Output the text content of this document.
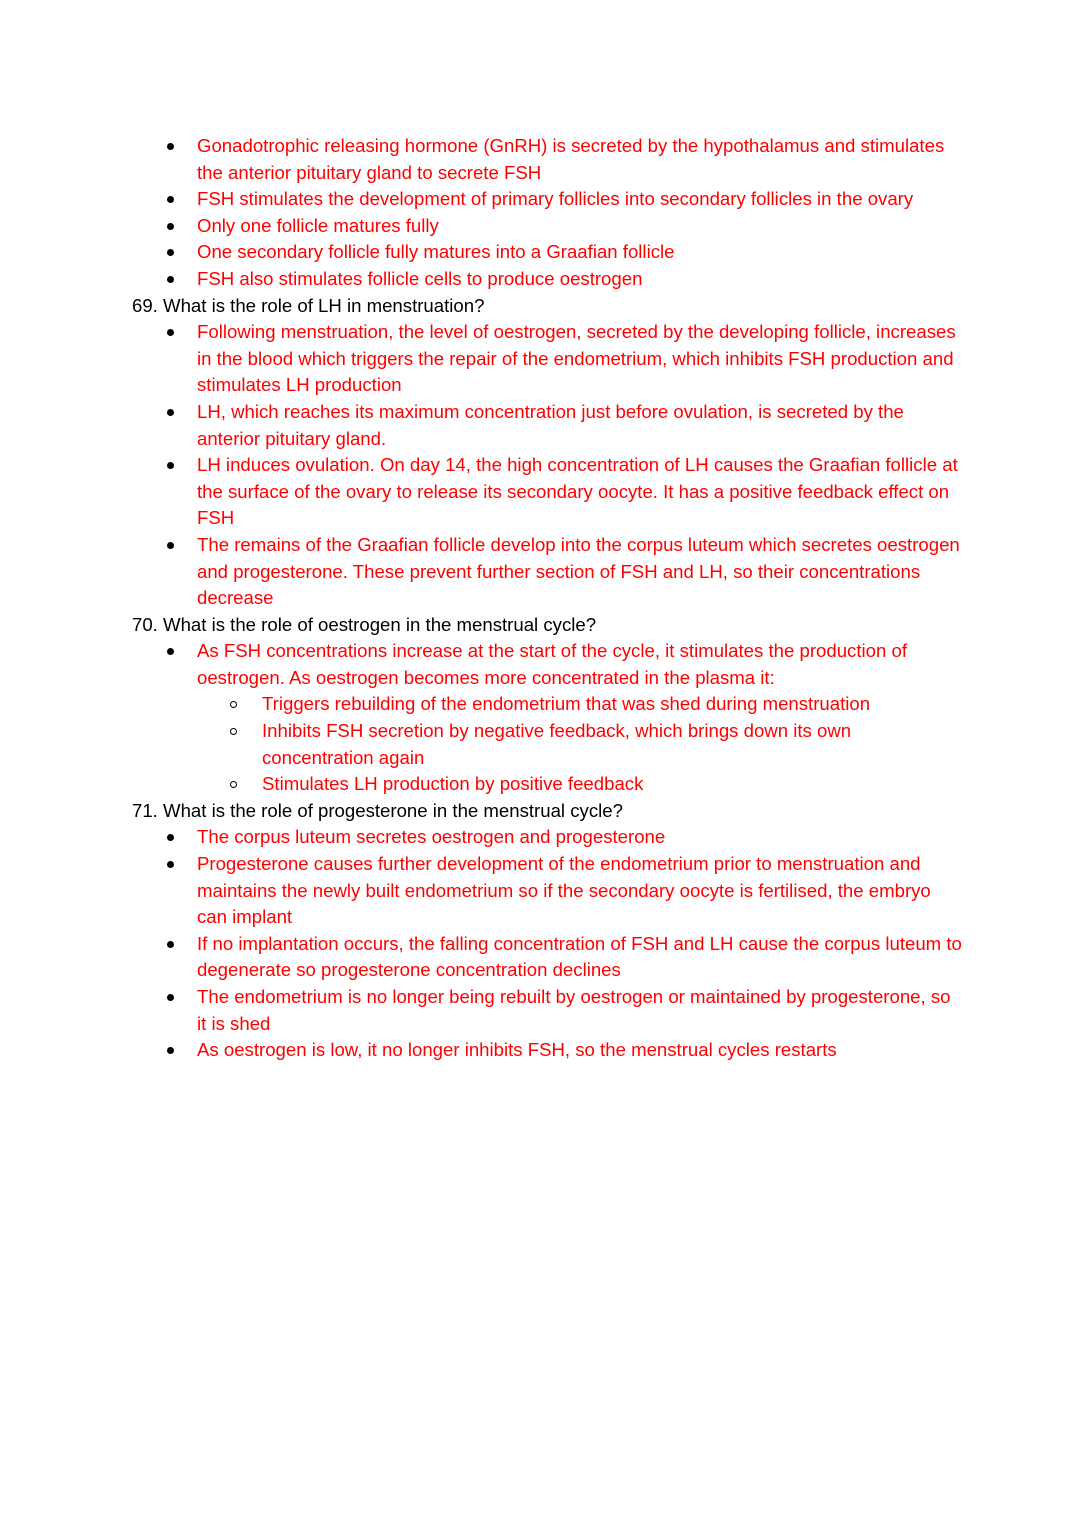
Gonadotrophic releasing hormone (GnRH) is secreted by the hypothalamus and stimulates the anterior pituitary gland to secrete FSH
FSH stimulates the development of primary follicles into secondary follicles in the ovary
Only one follicle matures fully
One secondary follicle fully matures into a Graafian follicle
FSH also stimulates follicle cells to produce oestrogen

69. What is the role of LH in menstruation?

Following menstruation, the level of oestrogen, secreted by the developing follicle, increases in the blood which triggers the repair of the endometrium, which inhibits FSH production and stimulates LH production
LH, which reaches its maximum concentration just before ovulation, is secreted by the anterior pituitary gland.
LH induces ovulation. On day 14, the high concentration of LH causes the Graafian follicle at the surface of the ovary to release its secondary oocyte. It has a positive feedback effect on FSH
The remains of the Graafian follicle develop into the corpus luteum which secretes oestrogen and progesterone. These prevent further section of FSH and LH, so their concentrations decrease

70. What is the role of oestrogen in the menstrual cycle?

As FSH concentrations increase at the start of the cycle, it stimulates the production of oestrogen. As oestrogen becomes more concentrated in the plasma it:
Triggers rebuilding of the endometrium that was shed during menstruation
Inhibits FSH secretion by negative feedback, which brings down its own concentration again
Stimulates LH production by positive feedback

71. What is the role of progesterone in the menstrual cycle?

The corpus luteum secretes oestrogen and progesterone
Progesterone causes further development of the endometrium prior to menstruation and maintains the newly built endometrium so if the secondary oocyte is fertilised, the embryo can implant
If no implantation occurs, the falling concentration of FSH and LH cause the corpus luteum to degenerate so progesterone concentration declines
The endometrium is no longer being rebuilt by oestrogen or maintained by progesterone, so it is shed
As oestrogen is low, it no longer inhibits FSH, so the menstrual cycles restarts
